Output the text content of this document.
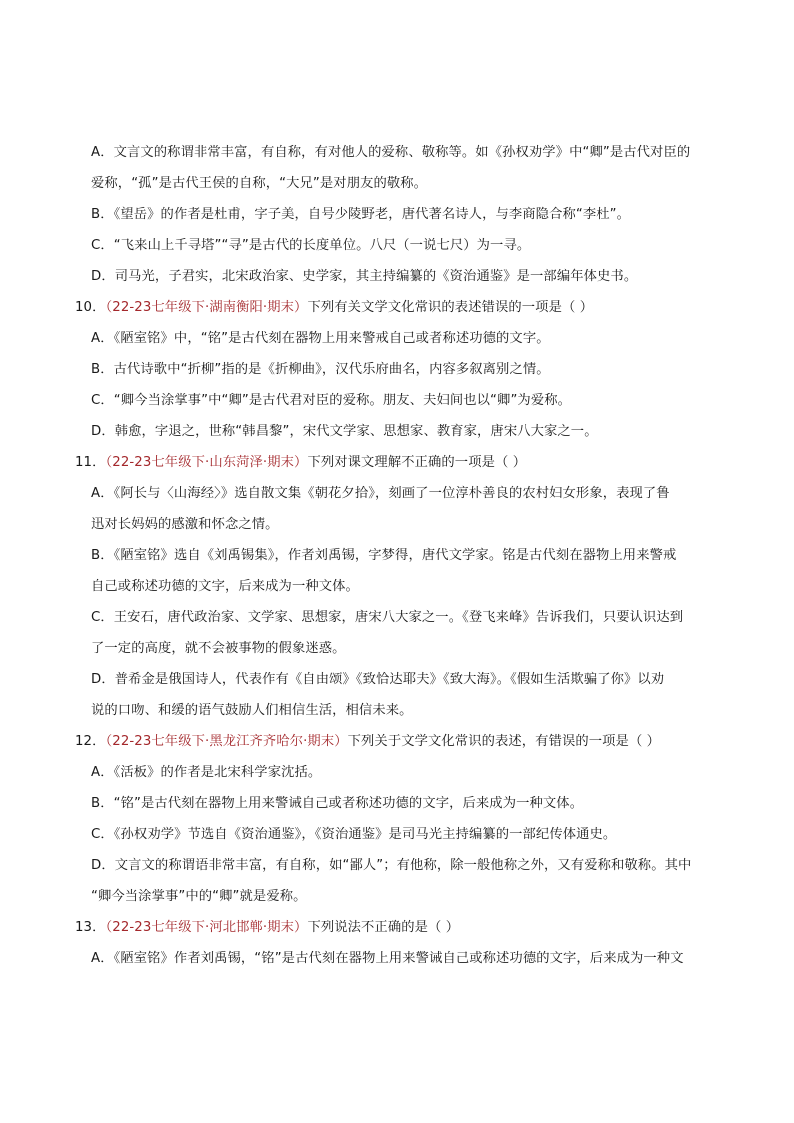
A．文言文的称谓非常丰富，有自称，有对他人的爱称、敬称等。如《孙权劝学》中“卿”是古代对臣的
爱称，“孤”是古代王侯的自称，“大兄”是对朋友的敬称。
B．《望岳》的作者是杜甫，字子美，自号少陵野老，唐代著名诗人，与李商隐合称“李杜”。
C．“飞来山上千寻塔”“寻”是古代的长度单位。八尺（一说七尺）为一寻。
D．司马光，子君实，北宋政治家、史学家，其主持编纂的《资治通鉴》是一部编年体史书。
10．（22-23七年级下·湖南衡阳·期末）下列有关文学文化常识的表述错误的一项是（ ）
A．《陋室铭》中，“铭”是古代刻在器物上用来警戒自己或者称述功德的文字。
B．古代诗歌中“折柳”指的是《折柳曲》，汉代乐府曲名，内容多叙离别之情。
C．“卿今当涂掌事”中“卿”是古代君对臣的爱称。朋友、夫妇间也以“卿”为爱称。
D．韩愈，字退之，世称“韩昌黎”，宋代文学家、思想家、教育家，唐宋八大家之一。
11．（22-23七年级下·山东菏泽·期末）下列对课文理解不正确的一项是（ ）
A．《阿长与〈山海经〉》选自散文集《朝花夕拾》，刻画了一位淳朴善良的农村妇女形象，表现了鲁
迅对长妈妈的感激和怀念之情。
B．《陋室铭》选自《刘禹锡集》，作者刘禹锡，字梦得，唐代文学家。铭是古代刻在器物上用来警戒
自己或称述功德的文字，后来成为一种文体。
C．王安石，唐代政治家、文学家、思想家，唐宋八大家之一。《登飞来峰》告诉我们，只要认识达到
了一定的高度，就不会被事物的假象迷惑。
D．普希金是俄国诗人，代表作有《自由颂》《致恰达耶夫》《致大海》。《假如生活欺骗了你》以劝
说的口吻、和缓的语气鼓励人们相信生活，相信未来。
12．（22-23七年级下·黑龙江齐齐哈尔·期末）下列关于文学文化常识的表述，有错误的一项是（ ）
A．《活板》的作者是北宋科学家沈括。
B．“铭”是古代刻在器物上用来警诫自己或者称述功德的文字，后来成为一种文体。
C．《孙权劝学》节选自《资治通鉴》，《资治通鉴》是司马光主持编纂的一部纪传体通史。
D．文言文的称谓语非常丰富，有自称，如“鄙人”；有他称，除一般他称之外，又有爱称和敬称。其中
“卿今当涂掌事”中的“卿”就是爱称。
13．（22-23七年级下·河北邯郸·期末）下列说法不正确的是（ ）
A．《陋室铭》作者刘禹锡，“铭”是古代刻在器物上用来警诫自己或称述功德的文字，后来成为一种文
